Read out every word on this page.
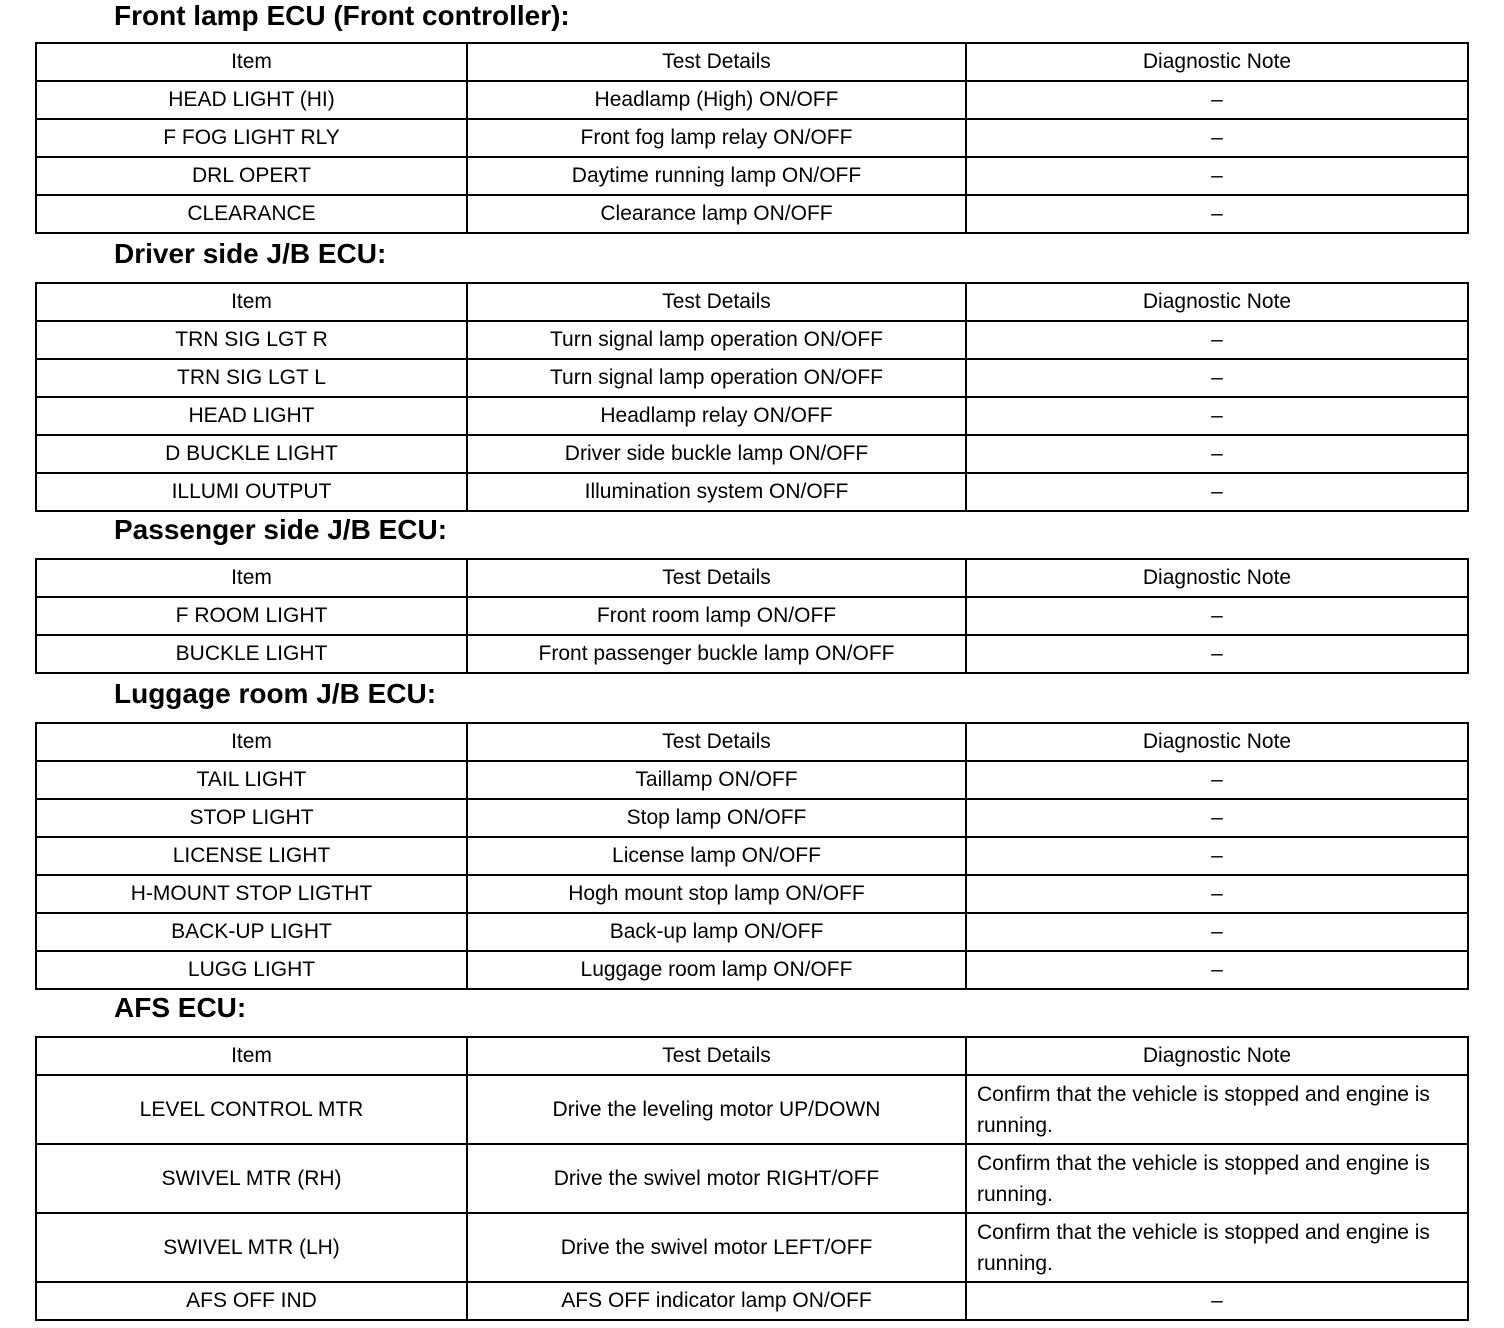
Front lamp ECU (Front controller):
Item	Test Details	Diagnostic Note
HEAD LIGHT (HI)	Headlamp (High) ON/OFF	–
F FOG LIGHT RLY	Front fog lamp relay ON/OFF	–
DRL OPERT	Daytime running lamp ON/OFF	–
CLEARANCE	Clearance lamp ON/OFF	–
Driver side J/B ECU:
Item	Test Details	Diagnostic Note
TRN SIG LGT R	Turn signal lamp operation ON/OFF	–
TRN SIG LGT L	Turn signal lamp operation ON/OFF	–
HEAD LIGHT	Headlamp relay ON/OFF	–
D BUCKLE LIGHT	Driver side buckle lamp ON/OFF	–
ILLUMI OUTPUT	Illumination system ON/OFF	–
Passenger side J/B ECU:
Item	Test Details	Diagnostic Note
F ROOM LIGHT	Front room lamp ON/OFF	–
BUCKLE LIGHT	Front passenger buckle lamp ON/OFF	–
Luggage room J/B ECU:
Item	Test Details	Diagnostic Note
TAIL LIGHT	Taillamp ON/OFF	–
STOP LIGHT	Stop lamp ON/OFF	–
LICENSE LIGHT	License lamp ON/OFF	–
H-MOUNT STOP LIGTHT	Hogh mount stop lamp ON/OFF	–
BACK-UP LIGHT	Back-up lamp ON/OFF	–
LUGG LIGHT	Luggage room lamp ON/OFF	–
AFS ECU:
Item	Test Details	Diagnostic Note
LEVEL CONTROL MTR	Drive the leveling motor UP/DOWN	Confirm that the vehicle is stopped and engine is running.
SWIVEL MTR (RH)	Drive the swivel motor RIGHT/OFF	Confirm that the vehicle is stopped and engine is running.
SWIVEL MTR (LH)	Drive the swivel motor LEFT/OFF	Confirm that the vehicle is stopped and engine is running.
AFS OFF IND	AFS OFF indicator lamp ON/OFF	–
